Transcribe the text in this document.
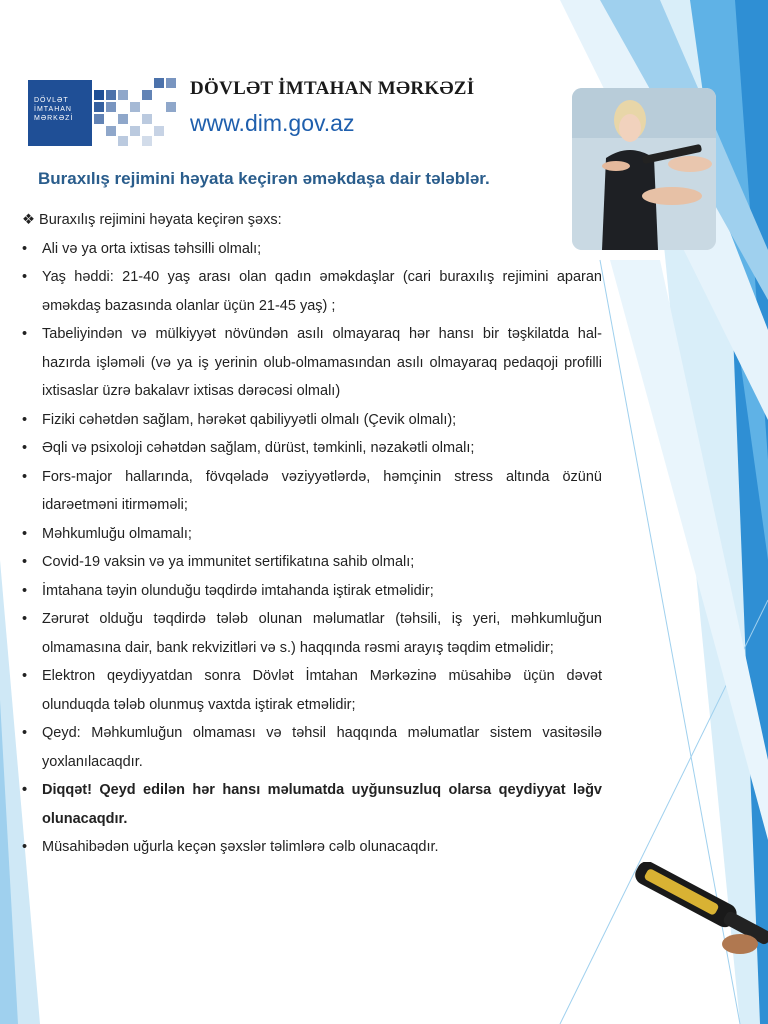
DÖVLƏT
İMTAHAN
MƏRKƏZİ
DÖVLƏT İMTAHAN MƏRKƏZİ
www.dim.gov.az
Buraxılış rejimini həyata keçirən əməkdaşa dair tələblər.
❖ Buraxılış rejimini həyata keçirən şəxs:
• Ali və ya orta ixtisas təhsilli olmalı;
• Yaş həddi: 21-40 yaş arası olan qadın əməkdaşlar (cari buraxılış rejimini aparan əməkdaş bazasında olanlar üçün 21-45 yaş) ;
• Tabeliyindən və mülkiyyət növündən asılı olmayaraq hər hansı bir təşkilatda hal-hazırda işləməli (və ya iş yerinin olub-olmamasından asılı olmayaraq pedaqoji profilli ixtisaslar üzrə bakalavr ixtisas dərəcəsi olmalı)
• Fiziki cəhətdən sağlam, hərəkət qabiliyyətli olmalı (Çevik olmalı);
• Əqli və psixoloji cəhətdən sağlam, dürüst, təmkinli, nəzakətli olmalı;
• Fors-major hallarında, fövqəladə vəziyyətlərdə, həmçinin stress altında özünü idarəetməni itirməməli;
• Məhkumluğu olmamalı;
• Covid-19 vaksin və ya immunitet sertifikatına sahib olmalı;
• İmtahana təyin olunduğu təqdirdə imtahanda iştirak etməlidir;
• Zərurət olduğu təqdirdə tələb olunan məlumatlar (təhsili, iş yeri, məhkumluğun olmamasına dair, bank rekvizitləri və s.) haqqında rəsmi arayış təqdim etməlidir;
• Elektron qeydiyyatdan sonra Dövlət İmtahan Mərkəzinə müsahibə üçün dəvət olunduqda tələb olunmuş vaxtda iştirak etməlidir;
• Qeyd: Məhkumluğun olmaması və təhsil haqqında məlumatlar sistem vasitəsilə yoxlanılacaqdır.
• Diqqət! Qeyd edilən hər hansı məlumatda uyğunsuzluq olarsa qeydiyyat ləğv olunacaqdır.
• Müsahibədən uğurla keçən şəxslər təlimlərə cəlb olunacaqdır.
